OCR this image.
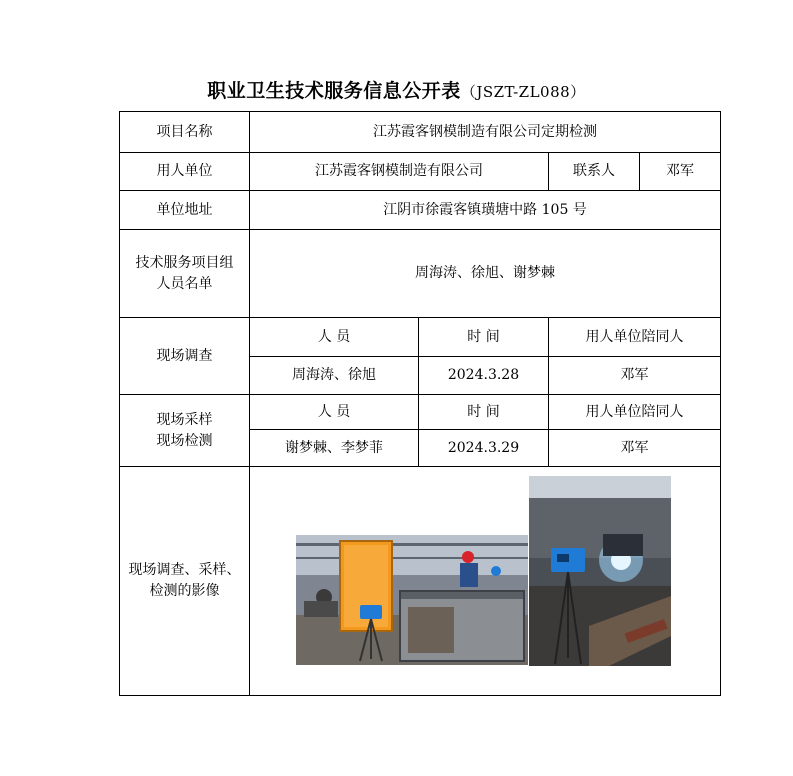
职业卫生技术服务信息公开表（JSZT-ZL088）
项目名称	江苏霞客钢模制造有限公司定期检测			
用人单位	江苏霞客钢模制造有限公司		联系人	邓军
单位地址	江阴市徐霞客镇璜塘中路 105 号			

技术服务项目组
人员名单	周海涛、徐旭、谢梦棘			
现场调查	人 员	时 间	用人单位陪同人	
	周海涛、徐旭	2024.3.28	邓军	

现场采样
现场检测	人 员	时 间	用人单位陪同人	
	谢梦棘、李梦菲	2024.3.29	邓军	

现场调查、采样、
检测的影像
